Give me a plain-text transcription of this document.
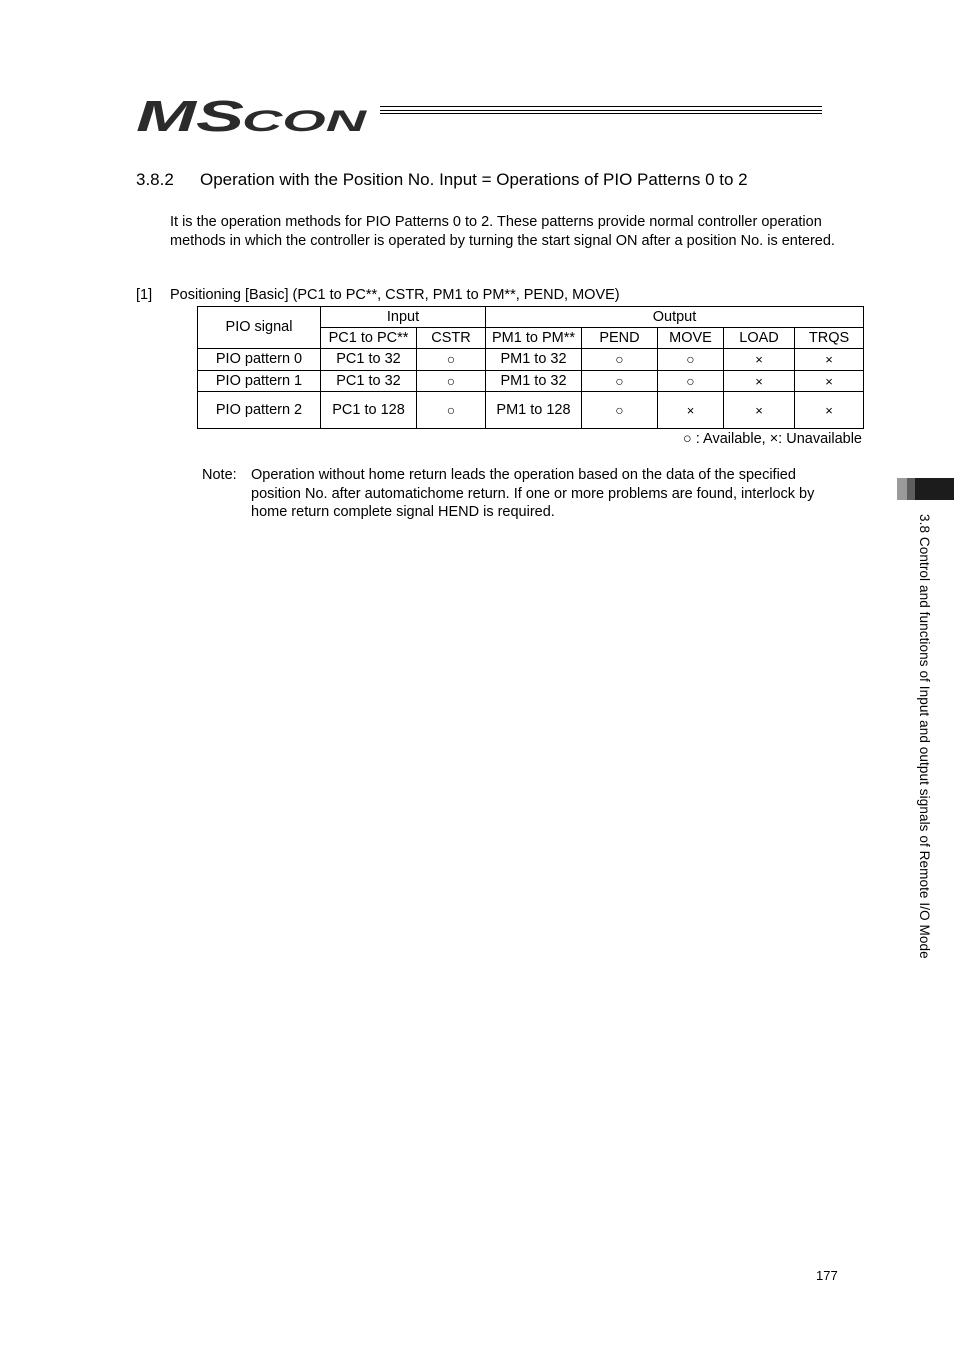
MS
CON
3.8.2 Operation with the Position No. Input = Operations of PIO Patterns 0 to 2

It is the operation methods for PIO Patterns 0 to 2. These patterns provide normal controller operation methods in which the controller is operated by turning the start signal ON after a position No. is entered.

[1] Positioning [Basic] (PC1 to PC**, CSTR, PM1 to PM**, PEND, MOVE)
PIO signal	Input		Output				
	PC1 to PC**	CSTR	PM1 to PM**	PEND	MOVE	LOAD	TRQS
PIO pattern 0	PC1 to 32	○	PM1 to 32	○	○	×	×
PIO pattern 1	PC1 to 32	○	PM1 to 32	○	○	×	×
PIO pattern 2	PC1 to 128	○	PM1 to 128	○	×	×	×
○ : Available, ×: Unavailable
Note: Operation without home return leads the operation based on the data of the specified position No. after automatichome return. If one or more problems are found, interlock by home return complete signal HEND is required.
3.8 Control and functions of Input and output signals of Remote I/O Mode
177
